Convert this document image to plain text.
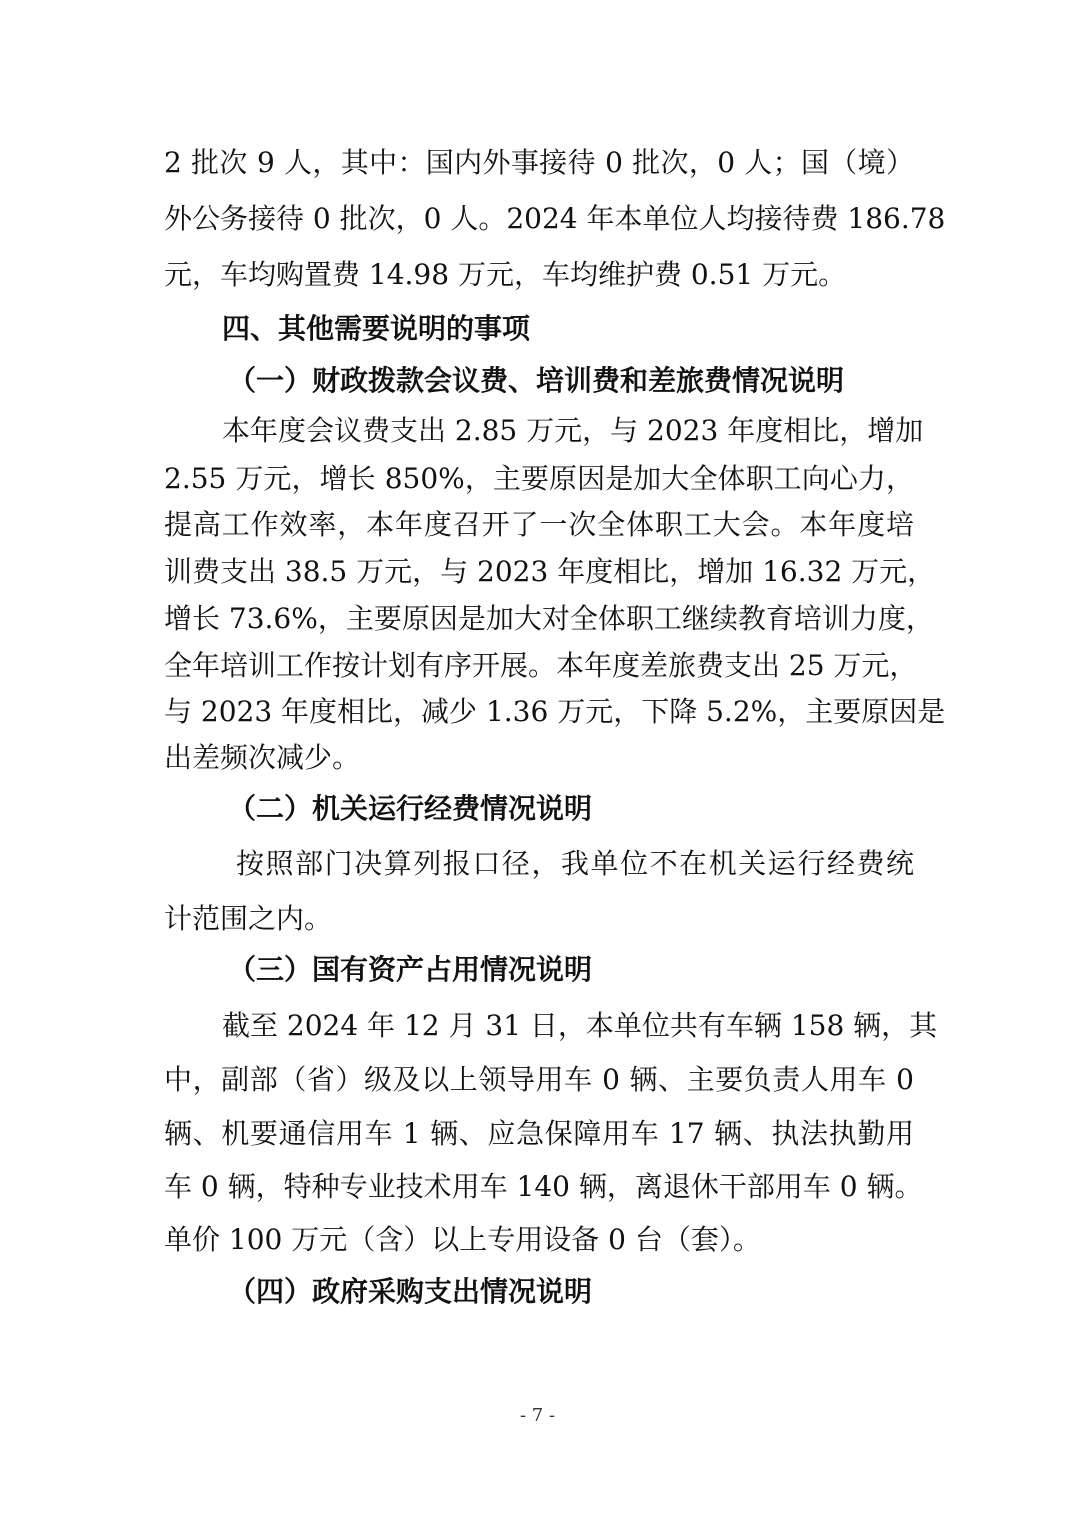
2 批次 9 人，其中：国内外事接待 0 批次，0 人；国（境）
外公务接待 0 批次，0 人。2024 年本单位人均接待费 186.78
元，车均购置费 14.98 万元，车均维护费 0.51 万元。
四、其他需要说明的事项
（一）财政拨款会议费、培训费和差旅费情况说明
本年度会议费支出 2.85 万元，与 2023 年度相比，增加
2.55 万元，增长 850%，主要原因是加大全体职工向心力，
提高工作效率，本年度召开了一次全体职工大会。本年度培
训费支出 38.5 万元，与 2023 年度相比，增加 16.32 万元，
增长 73.6%，主要原因是加大对全体职工继续教育培训力度，
全年培训工作按计划有序开展。本年度差旅费支出 25 万元，
与 2023 年度相比，减少 1.36 万元，下降 5.2%，主要原因是
出差频次减少。
（二）机关运行经费情况说明
按照部门决算列报口径，我单位不在机关运行经费统
计范围之内。
（三）国有资产占用情况说明
截至 2024 年 12 月 31 日，本单位共有车辆 158 辆，其
中，副部（省）级及以上领导用车 0 辆、主要负责人用车 0
辆、机要通信用车 1 辆、应急保障用车 17 辆、执法执勤用
车 0 辆，特种专业技术用车 140 辆，离退休干部用车 0 辆。
单价 100 万元（含）以上专用设备 0 台（套）。
（四）政府采购支出情况说明
- 7 -
